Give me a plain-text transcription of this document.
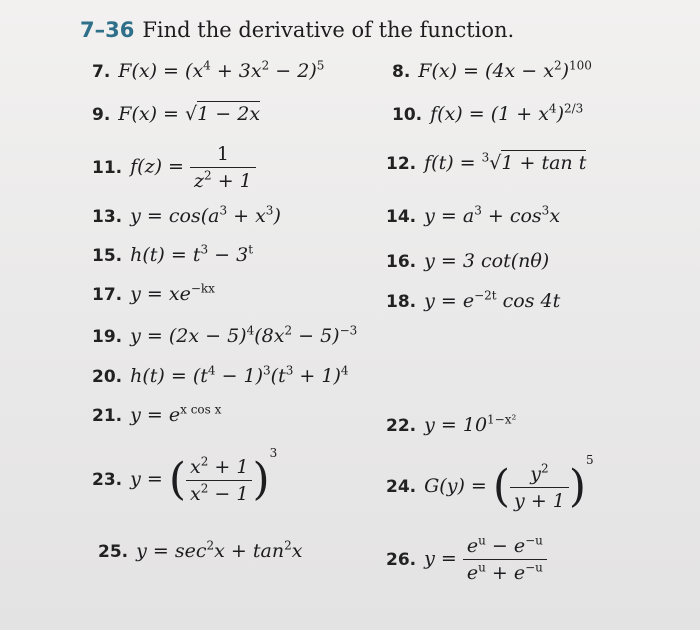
7–36 Find the derivative of the function.
7. $F(x) = (x^4 + 3x^2 - 2)^5$	8. $F(x) = (4x - x^2)^{100}$
9. F(x) = √1 − 2x	10. $f(x) = (1 + x^4)^{2/3}$
11. $f(z) = \frac{1}{z^2 + 1}$	12. f(t) = $^3$√1 + tan t
13. $y = \cos(a^3 + x^3)$	14. $y = a^3 + \cos^3x$
15. $h(t) = t^3 - 3^t$
16. y = 3 cot(nθ)
17. $y = xe^{-kx}$
18. $y = e^{-2t}$ cos 4t
19. $y = (2x - 5)^4(8x^2 - 5)^{-3}$
20. $h(t) = (t^4 - 1)^3(t^3 + 1)^4$
21. $y = e^{x cos x}$
22. $y = 10^{1-x^2}$
23. y = ( $\frac{x^2 + 1}{x^2 - 1} )^3$
24. G(y) = ( $\frac{y^2}{y + 1} )^5$
25. $y = \sec^2x + \tan^2x$	26. $y = \frac{e^u - e^{-u}}{e^u + e^{-u}}$
